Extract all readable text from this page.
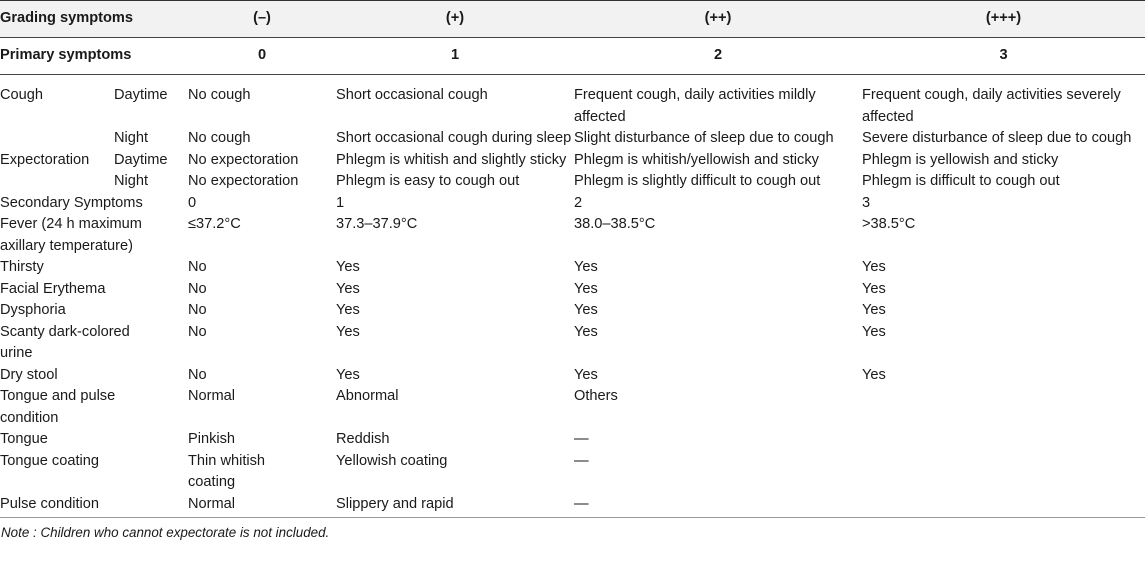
Grading symptoms		(–)	(+)	(++)	(+++)
Primary symptoms		0	1	2	3
Cough	Daytime	No cough	Short occasional cough	Frequent cough, daily activities mildly affected	Frequent cough, daily activities severely affected
	Night	No cough	Short occasional cough during sleep	Slight disturbance of sleep due to cough	Severe disturbance of sleep due to cough
Expectoration	Daytime	No expectoration	Phlegm is whitish and slightly sticky	Phlegm is whitish/yellowish and sticky	Phlegm is yellowish and sticky
	Night	No expectoration	Phlegm is easy to cough out	Phlegm is slightly difficult to cough out	Phlegm is difficult to cough out
Secondary Symptoms		0	1	2	3
Fever (24 h maximum axillary temperature)		≤37.2°C	37.3–37.9°C	38.0–38.5°C	>38.5°C
Thirsty		No	Yes	Yes	Yes
Facial Erythema		No	Yes	Yes	Yes
Dysphoria		No	Yes	Yes	Yes
Scanty dark-colored urine		No	Yes	Yes	Yes
Dry stool		No	Yes	Yes	Yes
Tongue and pulse condition		Normal	Abnormal	Others	
Tongue		Pinkish	Reddish	—	
Tongue coating		Thin whitish coating	Yellowish coating	—	
Pulse condition		Normal	Slippery and rapid	—	
Note : Children who cannot expectorate is not included.
